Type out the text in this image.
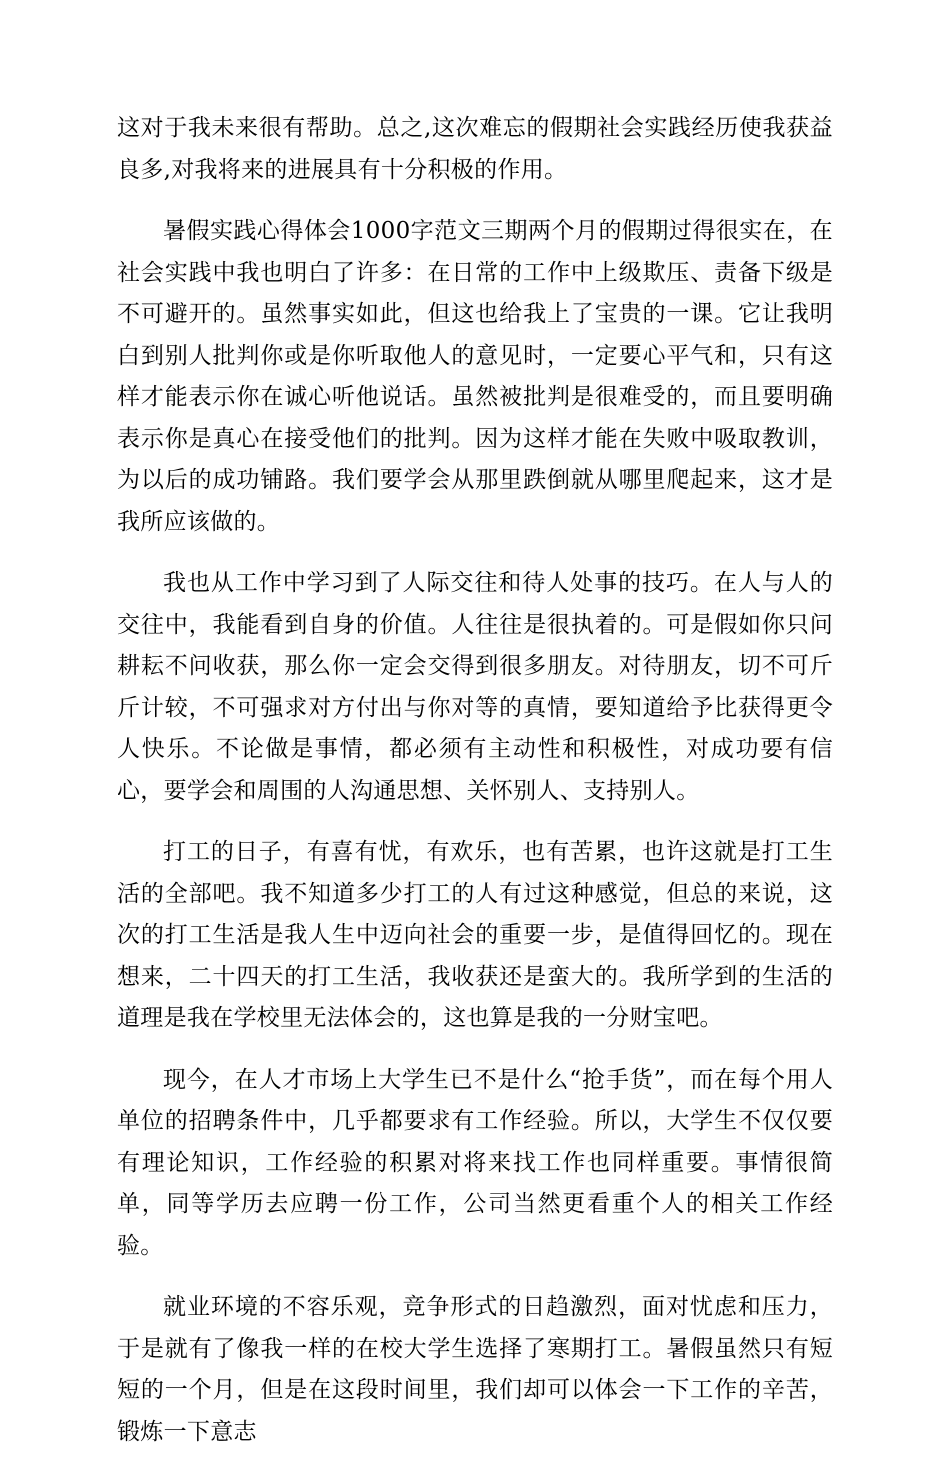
这对于我未来很有帮助。总之,这次难忘的假期社会实践经历使我获益良多,对我将来的进展具有十分积极的作用。

暑假实践心得体会1000字范文三期两个月的假期过得很实在，在社会实践中我也明白了许多：在日常的工作中上级欺压、责备下级是不可避开的。虽然事实如此，但这也给我上了宝贵的一课。它让我明白到别人批判你或是你听取他人的意见时，一定要心平气和，只有这样才能表示你在诚心听他说话。虽然被批判是很难受的，而且要明确表示你是真心在接受他们的批判。因为这样才能在失败中吸取教训，为以后的成功铺路。我们要学会从那里跌倒就从哪里爬起来，这才是我所应该做的。

我也从工作中学习到了人际交往和待人处事的技巧。在人与人的交往中，我能看到自身的价值。人往往是很执着的。可是假如你只问耕耘不问收获，那么你一定会交得到很多朋友。对待朋友，切不可斤斤计较，不可强求对方付出与你对等的真情，要知道给予比获得更令人快乐。不论做是事情，都必须有主动性和积极性，对成功要有信心，要学会和周围的人沟通思想、关怀别人、支持别人。

打工的日子，有喜有忧，有欢乐，也有苦累，也许这就是打工生活的全部吧。我不知道多少打工的人有过这种感觉，但总的来说，这次的打工生活是我人生中迈向社会的重要一步，是值得回忆的。现在想来，二十四天的打工生活，我收获还是蛮大的。我所学到的生活的道理是我在学校里无法体会的，这也算是我的一分财宝吧。

现今，在人才市场上大学生已不是什么“抢手货”，而在每个用人单位的招聘条件中，几乎都要求有工作经验。所以，大学生不仅仅要有理论知识，工作经验的积累对将来找工作也同样重要。事情很简单，同等学历去应聘一份工作，公司当然更看重个人的相关工作经验。

就业环境的不容乐观，竞争形式的日趋激烈，面对忧虑和压力，于是就有了像我一样的在校大学生选择了寒期打工。暑假虽然只有短短的一个月，但是在这段时间里，我们却可以体会一下工作的辛苦，锻炼一下意志
